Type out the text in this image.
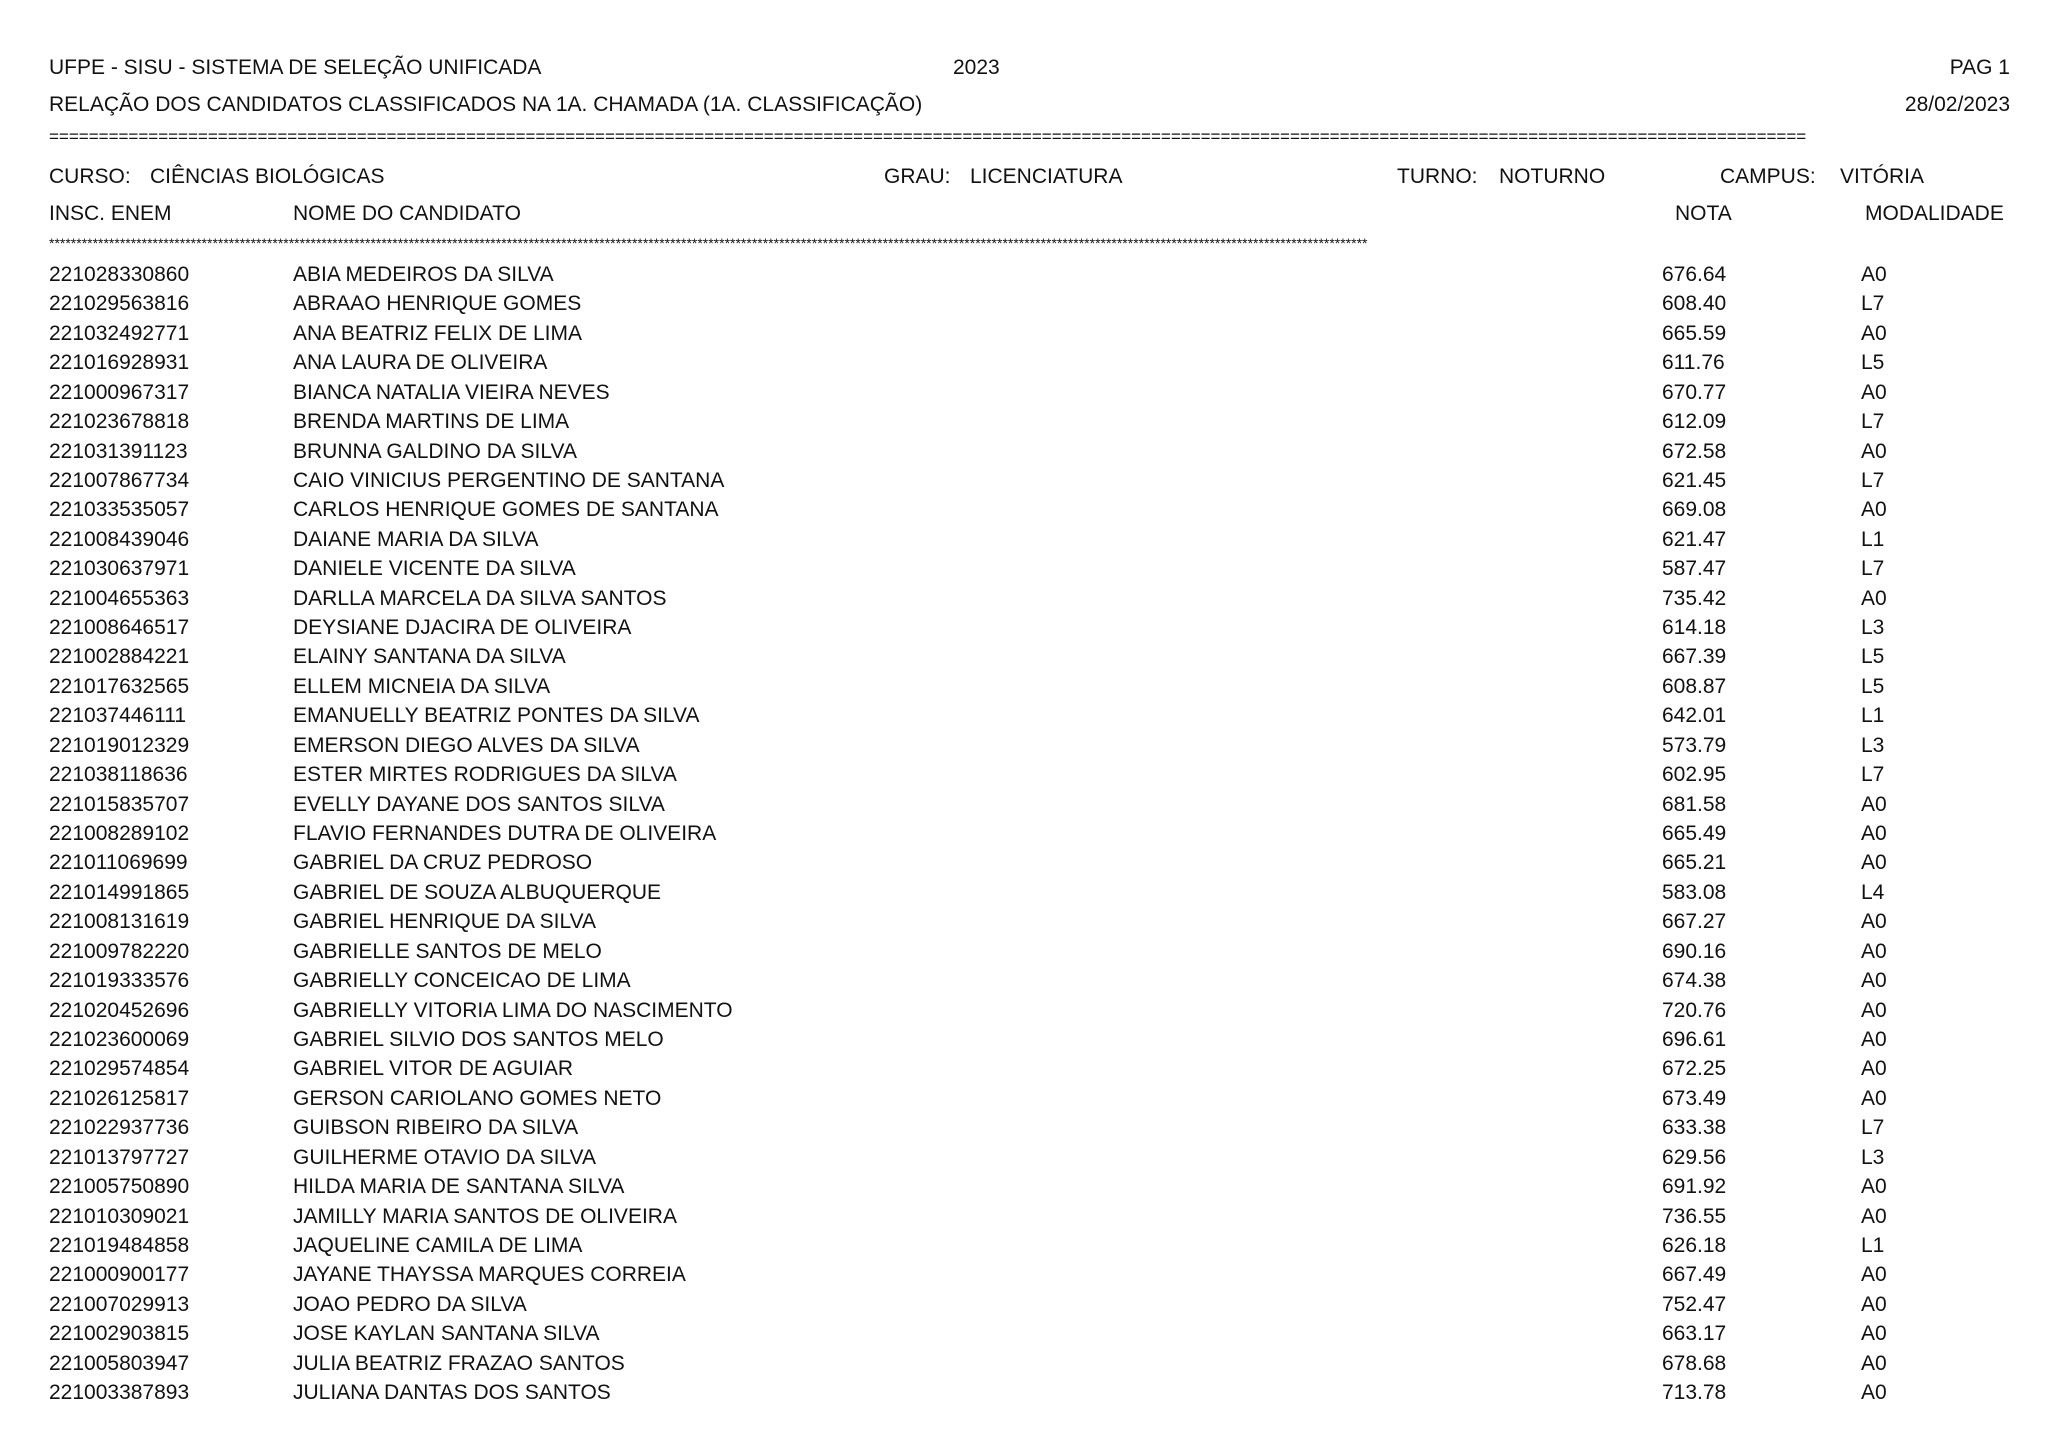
UFPE - SISU - SISTEMA DE SELEÇÃO UNIFICADA	2023	PAG 1
RELAÇÃO DOS CANDIDATOS CLASSIFICADOS NA 1A. CHAMADA (1A. CLASSIFICAÇÃO)	28/02/2023
=================================================================================================================================================================================
CURSO: CIÊNCIAS BIOLÓGICAS	GRAU: LICENCIATURA	TURNO: NOTURNO	CAMPUS: VITÓRIA
INSC. ENEM	NOME DO CANDIDATO	NOTA	MODALIDADE
**************************************************************************************************************************************************************************************************************************************************
221028330860	ABIA MEDEIROS DA SILVA	676.64	A0
221029563816	ABRAAO HENRIQUE GOMES	608.40	L7
221032492771	ANA BEATRIZ FELIX DE LIMA	665.59	A0
221016928931	ANA LAURA DE OLIVEIRA	611.76	L5
221000967317	BIANCA NATALIA VIEIRA NEVES	670.77	A0
221023678818	BRENDA MARTINS DE LIMA	612.09	L7
221031391123	BRUNNA GALDINO DA SILVA	672.58	A0
221007867734	CAIO VINICIUS PERGENTINO DE SANTANA	621.45	L7
221033535057	CARLOS HENRIQUE GOMES DE SANTANA	669.08	A0
221008439046	DAIANE MARIA DA SILVA	621.47	L1
221030637971	DANIELE VICENTE DA SILVA	587.47	L7
221004655363	DARLLA MARCELA DA SILVA SANTOS	735.42	A0
221008646517	DEYSIANE DJACIRA DE OLIVEIRA	614.18	L3
221002884221	ELAINY SANTANA DA SILVA	667.39	L5
221017632565	ELLEM MICNEIA DA SILVA	608.87	L5
221037446111	EMANUELLY BEATRIZ PONTES DA SILVA	642.01	L1
221019012329	EMERSON DIEGO ALVES DA SILVA	573.79	L3
221038118636	ESTER MIRTES RODRIGUES DA SILVA	602.95	L7
221015835707	EVELLY DAYANE DOS SANTOS SILVA	681.58	A0
221008289102	FLAVIO FERNANDES DUTRA DE OLIVEIRA	665.49	A0
221011069699	GABRIEL DA CRUZ PEDROSO	665.21	A0
221014991865	GABRIEL DE SOUZA ALBUQUERQUE	583.08	L4
221008131619	GABRIEL HENRIQUE DA SILVA	667.27	A0
221009782220	GABRIELLE SANTOS DE MELO	690.16	A0
221019333576	GABRIELLY CONCEICAO DE LIMA	674.38	A0
221020452696	GABRIELLY VITORIA LIMA DO NASCIMENTO	720.76	A0
221023600069	GABRIEL SILVIO DOS SANTOS MELO	696.61	A0
221029574854	GABRIEL VITOR DE AGUIAR	672.25	A0
221026125817	GERSON CARIOLANO GOMES NETO	673.49	A0
221022937736	GUIBSON RIBEIRO DA SILVA	633.38	L7
221013797727	GUILHERME OTAVIO DA SILVA	629.56	L3
221005750890	HILDA MARIA DE SANTANA SILVA	691.92	A0
221010309021	JAMILLY MARIA SANTOS DE OLIVEIRA	736.55	A0
221019484858	JAQUELINE CAMILA DE LIMA	626.18	L1
221000900177	JAYANE THAYSSA MARQUES CORREIA	667.49	A0
221007029913	JOAO PEDRO DA SILVA	752.47	A0
221002903815	JOSE KAYLAN SANTANA SILVA	663.17	A0
221005803947	JULIA BEATRIZ FRAZAO SANTOS	678.68	A0
221003387893	JULIANA DANTAS DOS SANTOS	713.78	A0
